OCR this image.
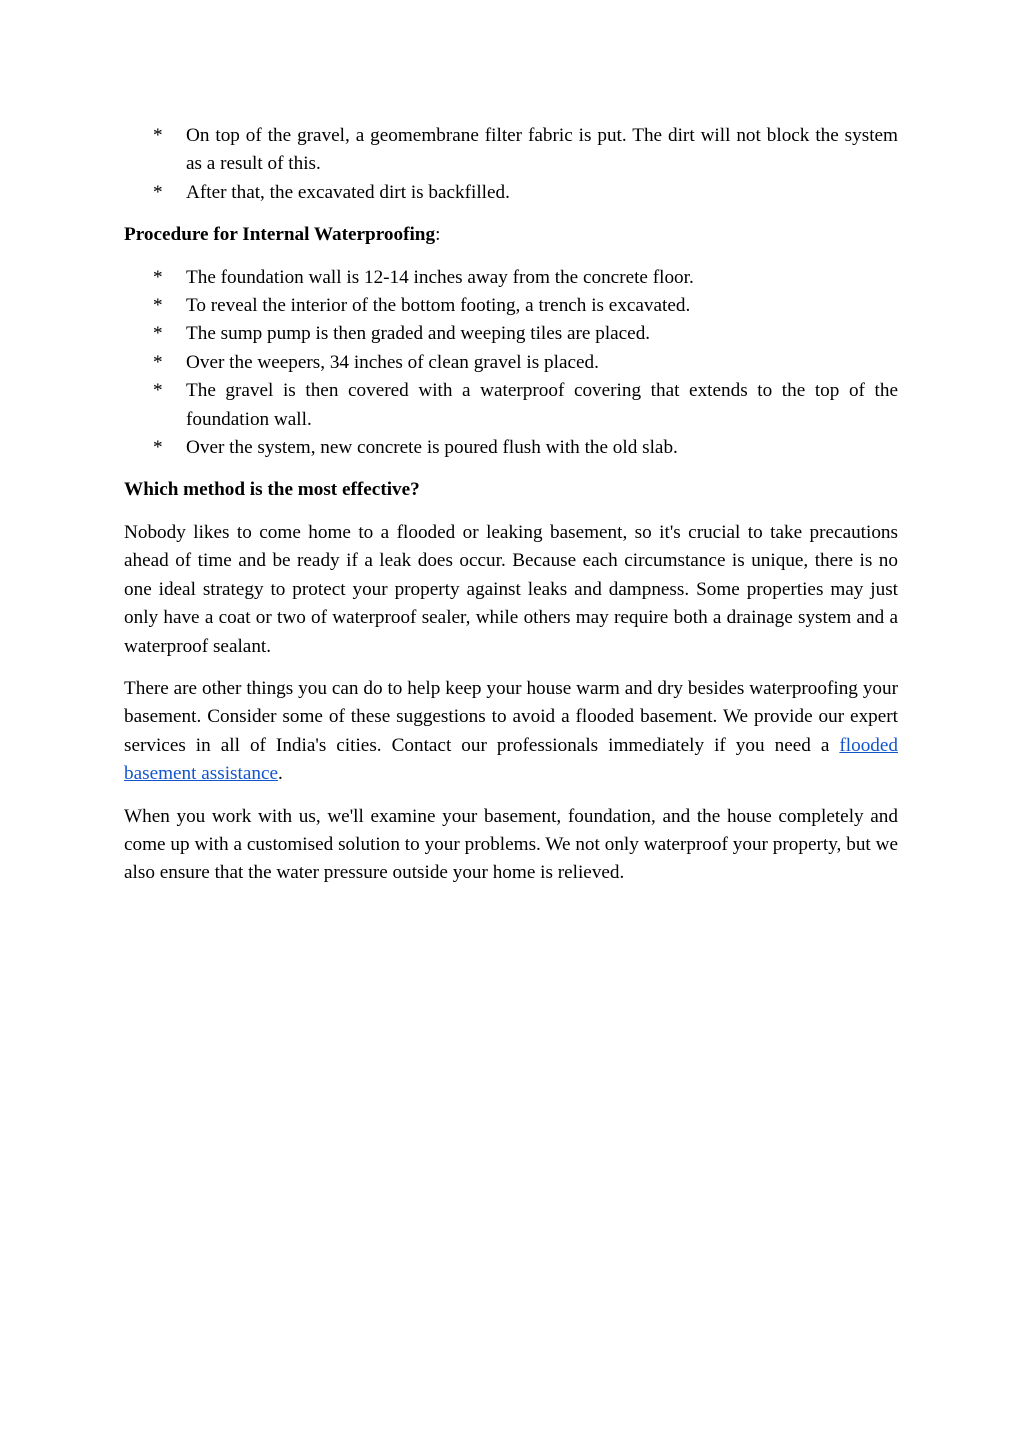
* On top of the gravel, a geomembrane filter fabric is put. The dirt will not block the system as a result of this.
* After that, the excavated dirt is backfilled.

Procedure for Internal Waterproofing:

* The foundation wall is 12-14 inches away from the concrete floor.
* To reveal the interior of the bottom footing, a trench is excavated.
* The sump pump is then graded and weeping tiles are placed.
* Over the weepers, 34 inches of clean gravel is placed.
* The gravel is then covered with a waterproof covering that extends to the top of the foundation wall.
* Over the system, new concrete is poured flush with the old slab.

Which method is the most effective?

Nobody likes to come home to a flooded or leaking basement, so it's crucial to take precautions ahead of time and be ready if a leak does occur. Because each circumstance is unique, there is no one ideal strategy to protect your property against leaks and dampness. Some properties may just only have a coat or two of waterproof sealer, while others may require both a drainage system and a waterproof sealant.

There are other things you can do to help keep your house warm and dry besides waterproofing your basement. Consider some of these suggestions to avoid a flooded basement. We provide our expert services in all of India's cities. Contact our professionals immediately if you need a flooded basement assistance.

When you work with us, we'll examine your basement, foundation, and the house completely and come up with a customised solution to your problems. We not only waterproof your property, but we also ensure that the water pressure outside your home is relieved.
